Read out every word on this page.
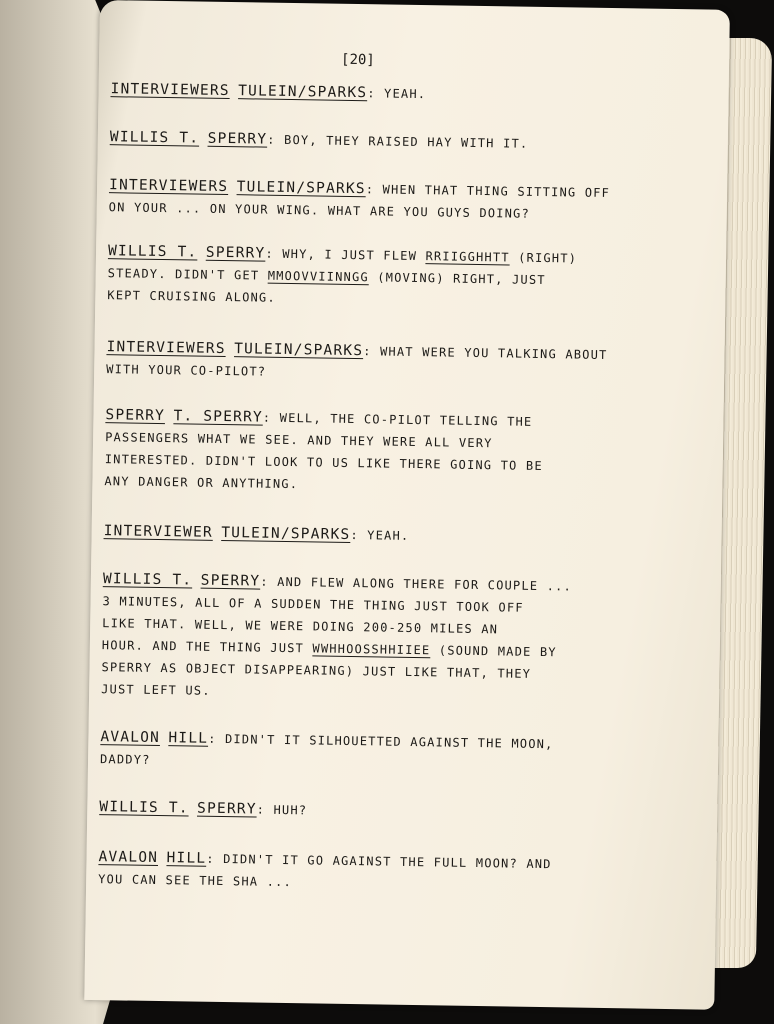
[20]
INTERVIEWERS TULEIN/SPARKS: YEAH.
WILLIS T. SPERRY: BOY, THEY RAISED HAY WITH IT.
INTERVIEWERS TULEIN/SPARKS: WHEN THAT THING SITTING OFF
ON YOUR ... ON YOUR WING. WHAT ARE YOU GUYS DOING?
WILLIS T. SPERRY: WHY, I JUST FLEW RRIIGGHHTT (RIGHT)
STEADY. DIDN'T GET MMOOVVIINNGG (MOVING) RIGHT, JUST
KEPT CRUISING ALONG.
INTERVIEWERS TULEIN/SPARKS: WHAT WERE YOU TALKING ABOUT
WITH YOUR CO-PILOT?
SPERRY T. SPERRY: WELL, THE CO-PILOT TELLING THE
PASSENGERS WHAT WE SEE. AND THEY WERE ALL VERY
INTERESTED. DIDN'T LOOK TO US LIKE THERE GOING TO BE
ANY DANGER OR ANYTHING.
INTERVIEWER TULEIN/SPARKS: YEAH.
WILLIS T. SPERRY: AND FLEW ALONG THERE FOR COUPLE ...
3 MINUTES, ALL OF A SUDDEN THE THING JUST TOOK OFF
LIKE THAT. WELL, WE WERE DOING 200-250 MILES AN
HOUR. AND THE THING JUST WWHHOOSSHHIIEE (SOUND MADE BY
SPERRY AS OBJECT DISAPPEARING) JUST LIKE THAT, THEY
JUST LEFT US.
AVALON HILL: DIDN'T IT SILHOUETTED AGAINST THE MOON,
DADDY?
WILLIS T. SPERRY: HUH?
AVALON HILL: DIDN'T IT GO AGAINST THE FULL MOON? AND
YOU CAN SEE THE SHA ...
